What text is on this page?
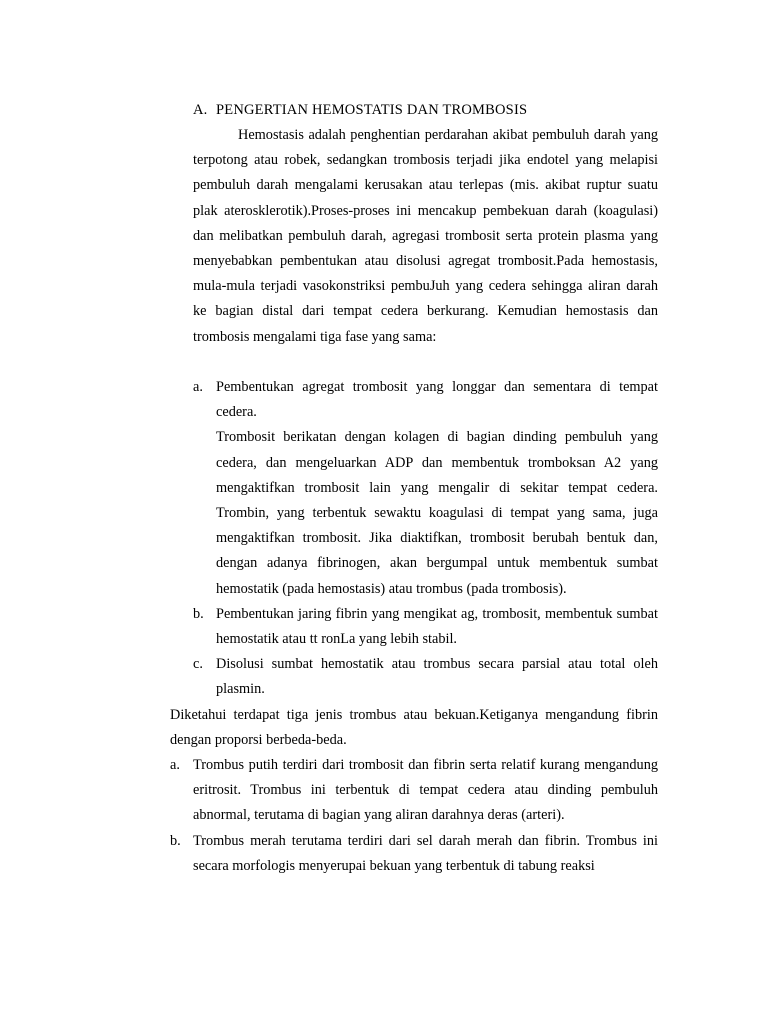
A. PENGERTIAN HEMOSTATIS DAN TROMBOSIS
Hemostasis adalah penghentian perdarahan akibat pembuluh darah yang terpotong atau robek, sedangkan trombosis terjadi jika endotel yang melapisi pembuluh darah mengalami kerusakan atau terlepas (mis. akibat ruptur suatu plak aterosklerotik).Proses-proses ini mencakup pembekuan darah (koagulasi) dan melibatkan pembuluh darah, agregasi trombosit serta protein plasma yang menyebabkan pembentukan atau disolusi agregat trombosit.Pada hemostasis, mula-mula terjadi vasokonstriksi pembuJuh yang cedera sehingga aliran darah ke bagian distal dari tempat cedera berkurang. Kemudian hemostasis dan trombosis mengalami tiga fase yang sama:
a. Pembentukan agregat trombosit yang longgar dan sementara di tempat cedera.
Trombosit berikatan dengan kolagen di bagian dinding pembuluh yang cedera, dan mengeluarkan ADP dan membentuk tromboksan A2 yang mengaktifkan trombosit lain yang mengalir di sekitar tempat cedera. Trombin, yang terbentuk sewaktu koagulasi di tempat yang sama, juga mengaktifkan trombosit. Jika diaktifkan, trombosit berubah bentuk dan, dengan adanya fibrinogen, akan bergumpal untuk membentuk sumbat hemostatik (pada hemostasis) atau trombus (pada trombosis).
b. Pembentukan jaring fibrin yang mengikat ag, trombosit, membentuk sumbat hemostatik atau tt ronLa yang lebih stabil.
c. Disolusi sumbat hemostatik atau trombus secara parsial atau total oleh plasmin.
Diketahui terdapat tiga jenis trombus atau bekuan.Ketiganya mengandung fibrin dengan proporsi berbeda-beda.
a. Trombus putih terdiri dari trombosit dan fibrin serta relatif kurang mengandung eritrosit. Trombus ini terbentuk di tempat cedera atau dinding pembuluh abnormal, terutama di bagian yang aliran darahnya deras (arteri).
b. Trombus merah terutama terdiri dari sel darah merah dan fibrin. Trombus ini secara morfologis menyerupai bekuan yang terbentuk di tabung reaksi
